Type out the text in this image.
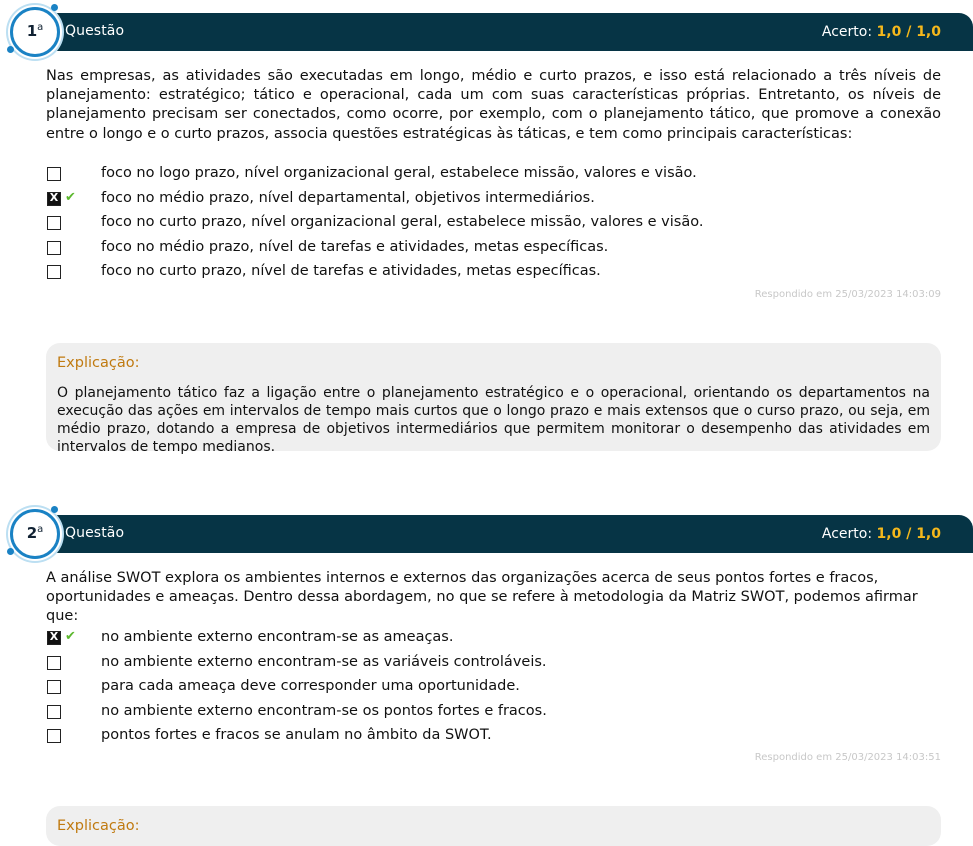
Questão	Acerto: 1,0 / 1,0
1$^a$
Nas empresas, as atividades são executadas em longo, médio e curto prazos, e isso está relacionado a três níveis de planejamento: estratégico; tático e operacional, cada um com suas características próprias. Entretanto, os níveis de planejamento precisam ser conectados, como ocorre, por exemplo, com o planejamento tático, que promove a conexão entre o longo e o curto prazos, associa questões estratégicas às táticas, e tem como principais características:
foco no logo prazo, nível organizacional geral, estabelece missão, valores e visão.
X ✔ foco no médio prazo, nível departamental, objetivos intermediários.
foco no curto prazo, nível organizacional geral, estabelece missão, valores e visão.
foco no médio prazo, nível de tarefas e atividades, metas específicas.
foco no curto prazo, nível de tarefas e atividades, metas específicas.
Respondido em 25/03/2023 14:03:09
Explicação:
O planejamento tático faz a ligação entre o planejamento estratégico e o operacional, orientando os departamentos na execução das ações em intervalos de tempo mais curtos que o longo prazo e mais extensos que o curso prazo, ou seja, em médio prazo, dotando a empresa de objetivos intermediários que permitem monitorar o desempenho das atividades em intervalos de tempo medianos.
Questão	Acerto: 1,0 / 1,0
2$^a$
A análise SWOT explora os ambientes internos e externos das organizações acerca de seus pontos fortes e fracos, oportunidades e ameaças. Dentro dessa abordagem, no que se refere à metodologia da Matriz SWOT, podemos afirmar que:
X ✔ no ambiente externo encontram-se as ameaças.
no ambiente externo encontram-se as variáveis controláveis.
para cada ameaça deve corresponder uma oportunidade.
no ambiente externo encontram-se os pontos fortes e fracos.
pontos fortes e fracos se anulam no âmbito da SWOT.
Respondido em 25/03/2023 14:03:51
Explicação:
